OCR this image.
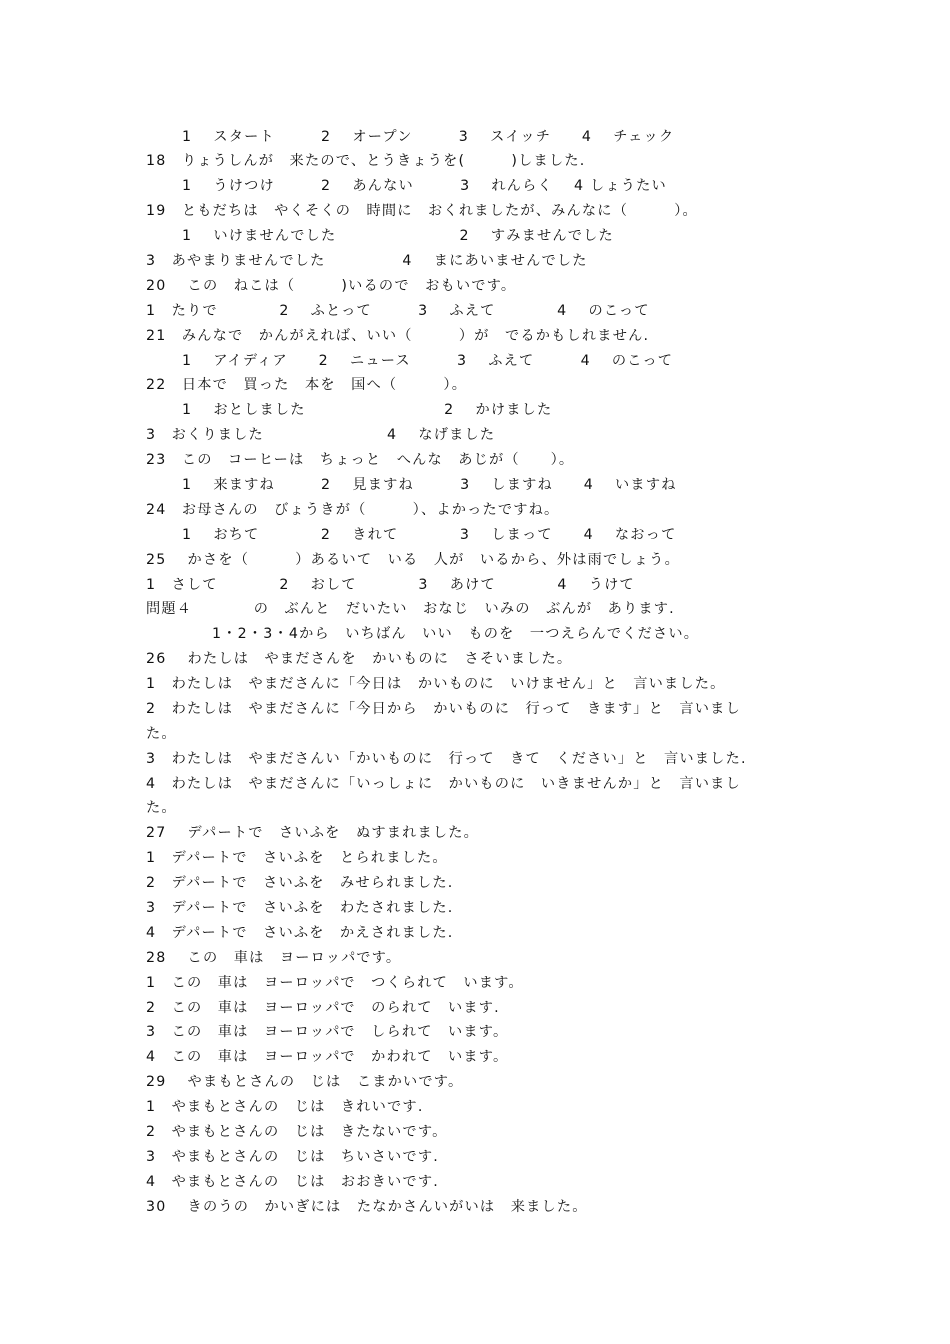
1　 スタート　　　2　 オープン　　　3　 スイッチ　　4　 チェック
18　りょうしんが　来たので、とうきょうを(　　　)しました.
1　 うけつけ　　　2　 あんない　　　3　 れんらく　 4 しょうたい
19　ともだちは　やくそくの　時間に　おくれましたが、みんなに（　　　）。
1　 いけませんでした　　　　　　　　2　 すみませんでした
3　あやまりませんでした　　　　　4　 まにあいませんでした
20　 この　ねこは（　　　)いるので　おもいです。
1　たりで　　　　2　 ふとって　　　3　 ふえて　　　　4　 のこって
21　みんなで　かんがえれば、いい（　　　）が　でるかもしれません.
1　 アイディア　　2　 ニュース　　　3　 ふえて　　　4　 のこって
22　日本で　買った　本を　国へ（　　　）。
1　 おとしました　　　　　　　　　2　 かけました
3　おくりました　　　　　　　　4　 なげました
23　この　コーヒーは　ちょっと　へんな　あじが（　　）。
1　 来ますね　　　2　 見ますね　　　3　 しますね　　4　 いますね
24　お母さんの　びょうきが（　　　）、よかったですね。
1　 おちて　　　　2　 きれて　　　　3　 しまって　　4　 なおって
25　 かさを（　　　）あるいて　いる　人が　いるから、外は雨でしょう。
1　さして　　　　2　 おして　　　　3　 あけて　　　　4　 うけて
問題４　　　　の　ぶんと　だいたい　おなじ　いみの　ぶんが　あります.
1・2・3・4から　いちばん　いい　ものを　一つえらんでください。
26　 わたしは　やまださんを　かいものに　さそいました。
1　わたしは　やまださんに「今日は　かいものに　いけません」と　言いました。
2　わたしは　やまださんに「今日から　かいものに　行って　きます」と　言いまし
た。
3　わたしは　やまださんい「かいものに　行って　きて　ください」と　言いました.
4　わたしは　やまださんに「いっしょに　かいものに　いきませんか」と　言いまし
た。
27　 デパートで　さいふを　ぬすまれました。
1　デパートで　さいふを　とられました。
2　デパートで　さいふを　みせられました.
3　デパートで　さいふを　わたされました.
4　デパートで　さいふを　かえされました.
28　 この　車は　ヨーロッパです。
1　この　車は　ヨーロッパで　つくられて　います。
2　この　車は　ヨーロッパで　のられて　います.
3　この　車は　ヨーロッパで　しられて　います。
4　この　車は　ヨーロッパで　かわれて　います。
29　 やまもとさんの　じは　こまかいです。
1　やまもとさんの　じは　きれいです.
2　やまもとさんの　じは　きたないです。
3　やまもとさんの　じは　ちいさいです.
4　やまもとさんの　じは　おおきいです.
30　 きのうの　かいぎには　たなかさんいがいは　来ました。
